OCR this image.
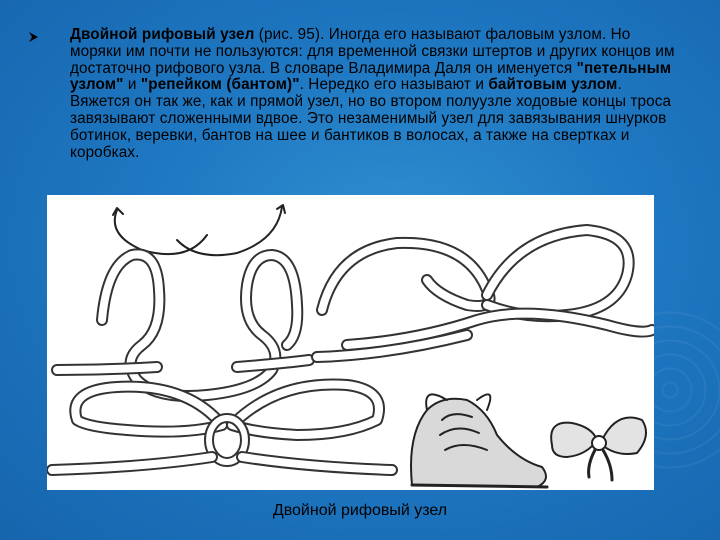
Двойной рифовый узел (рис. 95). Иногда его называют фаловым узлом. Но моряки им почти не пользуются: для временной связки штертов и других концов им достаточно рифового узла. В словаре Владимира Даля он именуется "петельным узлом" и "репейком (бантом)". Нередко его называют и байтовым узлом. Вяжется он так же, как и прямой узел, но во втором полуузле ходовые концы троса завязывают сложенными вдвое. Это незаменимый узел для завязывания шнурков ботинок, веревки, бантов на шее и бантиков в волосах, а также на свертках и коробках.
Двойной рифовый узел
